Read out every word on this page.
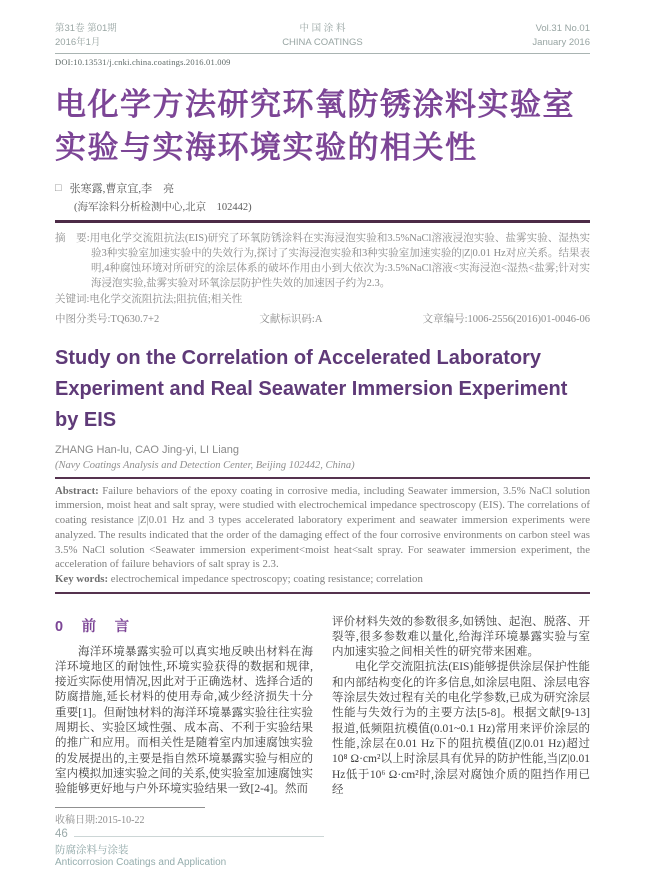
第31卷 第01期
2016年1月
中 国 涂 料
CHINA COATINGS
Vol.31 No.01
January 2016
DOI:10.13531/j.cnki.china.coatings.2016.01.009
电化学方法研究环氧防锈涂料实验室实验与实海环境实验的相关性
□ 张寒露,曹京宜,李　亮
(海军涂料分析检测中心,北京　102442)
摘　要:用电化学交流阻抗法(EIS)研究了环氧防锈涂料在实海浸泡实验和3.5%NaCl溶液浸泡实验、盐雾实验、湿热实验3种实验室加速实验中的失效行为,探讨了实海浸泡实验和3种实验室加速实验的|Z|0.01 Hz对应关系。结果表明,4种腐蚀环境对所研究的涂层体系的破坏作用由小到大依次为:3.5%NaCl溶液<实海浸泡<湿热<盐雾;针对实海浸泡实验,盐雾实验对环氧涂层防护性失效的加速因子约为2.3。
关键词:电化学交流阻抗法;阻抗值;相关性
中图分类号:TQ630.7+2	文献标识码:A	文章编号:1006-2556(2016)01-0046-06
Study on the Correlation of Accelerated Laboratory Experiment and Real Seawater Immersion Experiment by EIS
ZHANG Han-lu, CAO Jing-yi, LI Liang
(Navy Coatings Analysis and Detection Center, Beijing 102442, China)
Abstract: Failure behaviors of the epoxy coating in corrosive media, including Seawater immersion, 3.5% NaCl solution immersion, moist heat and salt spray, were studied with electrochemical impedance spectroscopy (EIS). The correlations of coating resistance |Z|0.01 Hz and 3 types accelerated laboratory experiment and seawater immersion experiments were analyzed. The results indicated that the order of the damaging effect of the four corrosive environments on carbon steel was 3.5% NaCl solution <Seawater immersion experiment<moist heat<salt spray. For seawater immersion experiment, the acceleration of failure behaviors of salt spray is 2.3.
Key words: electrochemical impedance spectroscopy; coating resistance; correlation
0　前　言

海洋环境暴露实验可以真实地反映出材料在海洋环境地区的耐蚀性,环境实验获得的数据和规律,接近实际使用情况,因此对于正确选材、选择合适的防腐措施,延长材料的使用寿命,减少经济损失十分重要[1]。但耐蚀材料的海洋环境暴露实验往往实验周期长、实验区域性强、成本高、不利于实验结果的推广和应用。而相关性是随着室内加速腐蚀实验的发展提出的,主要是指自然环境暴露实验与相应的室内模拟加速实验之间的关系,使实验室加速腐蚀实验能够更好地与户外环境实验结果一致[2-4]。然而

收稿日期:2015-10-22

评价材料失效的参数很多,如锈蚀、起泡、脱落、开裂等,很多参数难以量化,给海洋环境暴露实验与室内加速实验之间相关性的研究带来困难。

电化学交流阻抗法(EIS)能够提供涂层保护性能和内部结构变化的许多信息,如涂层电阻、涂层电容等涂层失效过程有关的电化学参数,已成为研究涂层性能与失效行为的主要方法[5-8]。根据文献[9-13]报道,低频阻抗模值(0.01~0.1 Hz)常用来评价涂层的性能,涂层在0.01 Hz下的阻抗模值(|Z|0.01 Hz)超过10⁸ Ω·cm²以上时涂层具有优异的防护性能,当|Z|0.01 Hz低于10⁶ Ω·cm²时,涂层对腐蚀介质的阻挡作用已经

46
防腐涂料与涂装
Anticorrosion Coatings and Application
